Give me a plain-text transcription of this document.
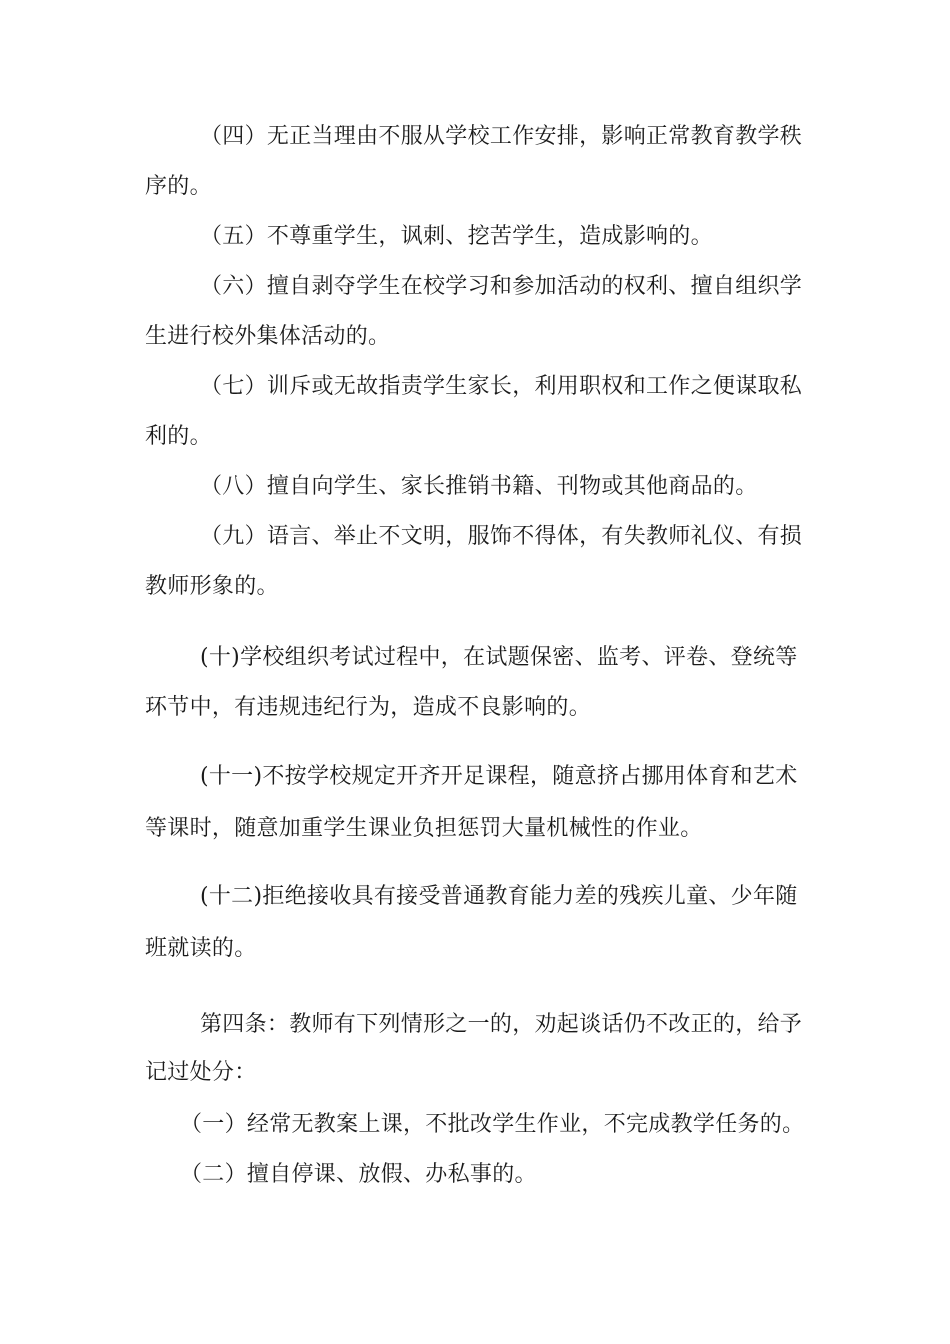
（四）无正当理由不服从学校工作安排，影响正常教育教学秩
序的。
（五）不尊重学生，讽刺、挖苦学生，造成影响的。
（六）擅自剥夺学生在校学习和参加活动的权利、擅自组织学
生进行校外集体活动的。
（七）训斥或无故指责学生家长，利用职权和工作之便谋取私
利的。
（八）擅自向学生、家长推销书籍、刊物或其他商品的。
（九）语言、举止不文明，服饰不得体，有失教师礼仪、有损
教师形象的。
(十)学校组织考试过程中，在试题保密、监考、评卷、登统等
环节中，有违规违纪行为，造成不良影响的。
(十一)不按学校规定开齐开足课程，随意挤占挪用体育和艺术
等课时，随意加重学生课业负担惩罚大量机械性的作业。
(十二)拒绝接收具有接受普通教育能力差的残疾儿童、少年随
班就读的。
第四条：教师有下列情形之一的，劝起谈话仍不改正的，给予
记过处分：
（一）经常无教案上课，不批改学生作业，不完成教学任务的。
（二）擅自停课、放假、办私事的。
